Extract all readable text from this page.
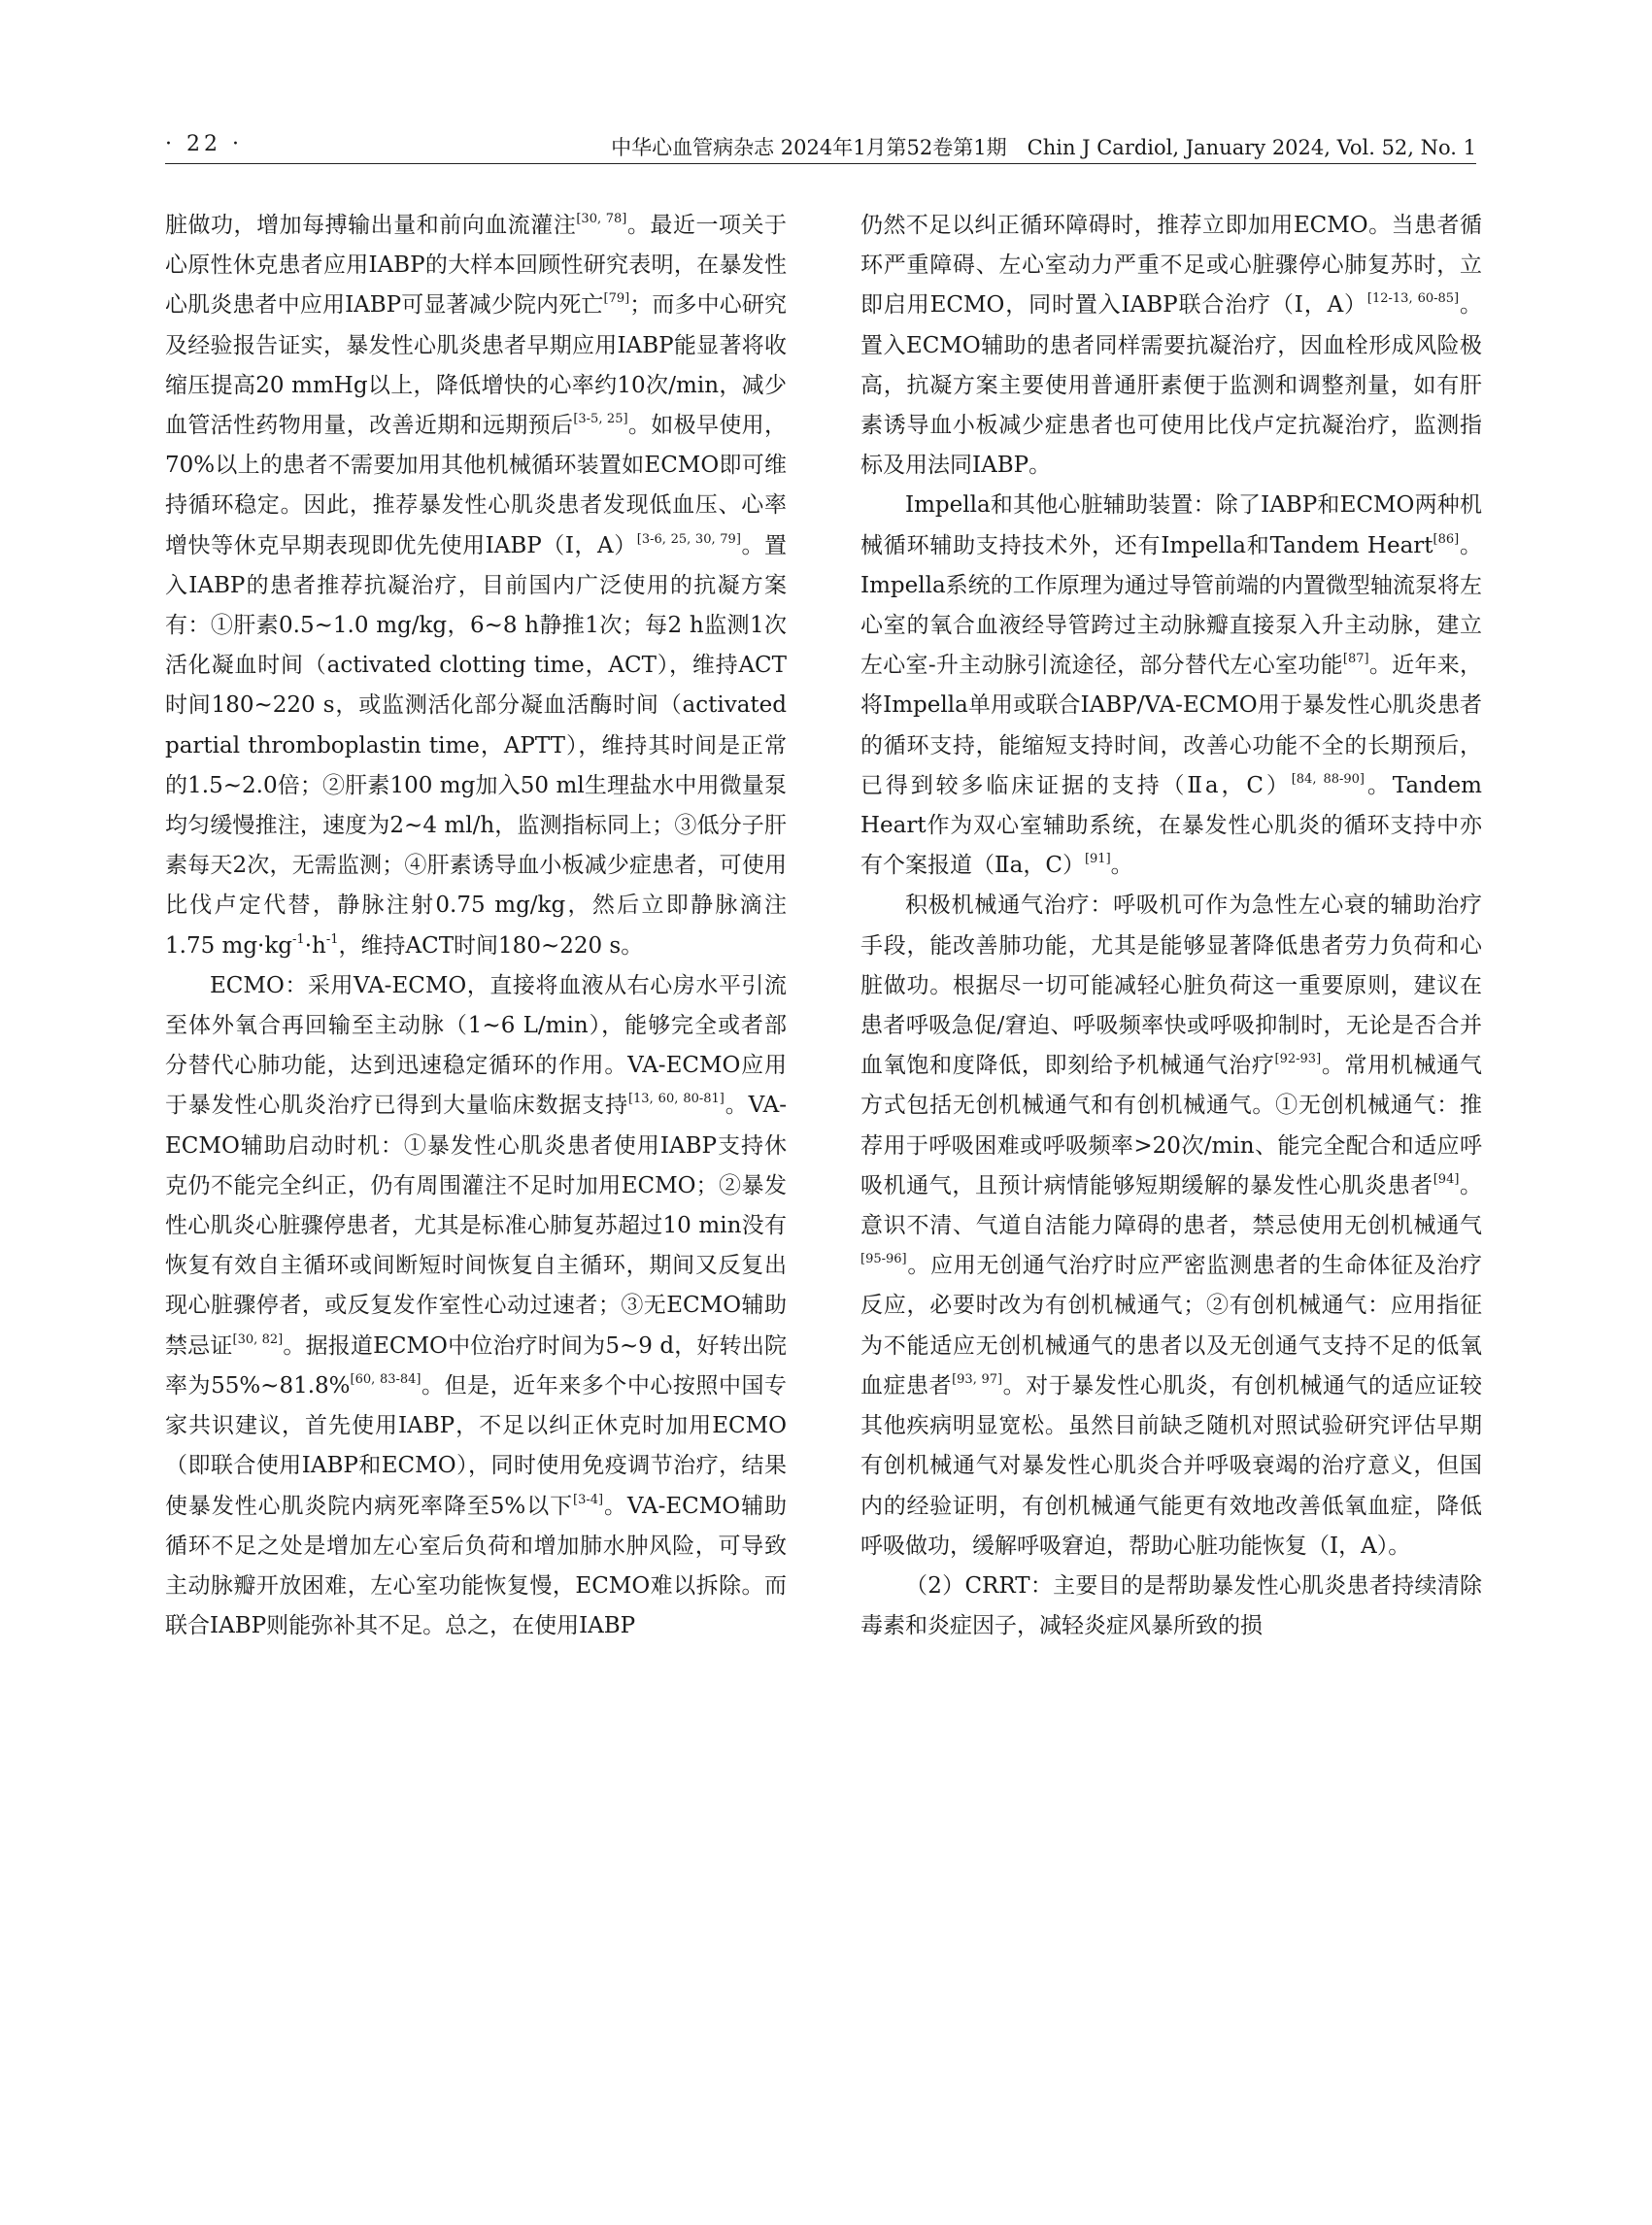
· 22 ·	中华心血管病杂志 2024年1月第52卷第1期　Chin J Cardiol, January 2024, Vol. 52, No. 1

脏做功，增加每搏输出量和前向血流灌注[30, 78]。最近一项关于心原性休克患者应用IABP的大样本回顾性研究表明，在暴发性心肌炎患者中应用IABP可显著减少院内死亡[79]；而多中心研究及经验报告证实，暴发性心肌炎患者早期应用IABP能显著将收缩压提高20 mmHg以上，降低增快的心率约10次/min，减少血管活性药物用量，改善近期和远期预后[3-5, 25]。如极早使用，70%以上的患者不需要加用其他机械循环装置如ECMO即可维持循环稳定。因此，推荐暴发性心肌炎患者发现低血压、心率增快等休克早期表现即优先使用IABP（Ⅰ，A）[3-6, 25, 30, 79]。置入IABP的患者推荐抗凝治疗，目前国内广泛使用的抗凝方案有：①肝素0.5~1.0 mg/kg，6~8 h静推1次；每2 h监测1次活化凝血时间（activated clotting time，ACT），维持ACT时间180~220 s，或监测活化部分凝血活酶时间（activated partial thromboplastin time，APTT），维持其时间是正常的1.5~2.0倍；②肝素100 mg加入50 ml生理盐水中用微量泵均匀缓慢推注，速度为2~4 ml/h，监测指标同上；③低分子肝素每天2次，无需监测；④肝素诱导血小板减少症患者，可使用比伐卢定代替，静脉注射0.75 mg/kg，然后立即静脉滴注1.75 $mg\cdot kg^{-1}\cdot h^{-1}$，维持ACT时间180~220 s。

ECMO：采用VA-ECMO，直接将血液从右心房水平引流至体外氧合再回输至主动脉（1~6 L/min），能够完全或者部分替代心肺功能，达到迅速稳定循环的作用。VA-ECMO应用于暴发性心肌炎治疗已得到大量临床数据支持[13, 60, 80-81]。VA-ECMO辅助启动时机：①暴发性心肌炎患者使用IABP支持休克仍不能完全纠正，仍有周围灌注不足时加用ECMO；②暴发性心肌炎心脏骤停患者，尤其是标准心肺复苏超过10 min没有恢复有效自主循环或间断短时间恢复自主循环，期间又反复出现心脏骤停者，或反复发作室性心动过速者；③无ECMO辅助禁忌证[30, 82]。据报道ECMO中位治疗时间为5~9 d，好转出院率为55%~81.8%[60, 83-84]。但是，近年来多个中心按照中国专家共识建议，首先使用IABP，不足以纠正休克时加用ECMO（即联合使用IABP和ECMO），同时使用免疫调节治疗，结果使暴发性心肌炎院内病死率降至5%以下[3-4]。VA-ECMO辅助循环不足之处是增加左心室后负荷和增加肺水肿风险，可导致主动脉瓣开放困难，左心室功能恢复慢，ECMO难以拆除。而联合IABP则能弥补其不足。总之，在使用IABP

仍然不足以纠正循环障碍时，推荐立即加用ECMO。当患者循环严重障碍、左心室动力严重不足或心脏骤停心肺复苏时，立即启用ECMO，同时置入IABP联合治疗（Ⅰ，A）[12-13, 60-85]。置入ECMO辅助的患者同样需要抗凝治疗，因血栓形成风险极高，抗凝方案主要使用普通肝素便于监测和调整剂量，如有肝素诱导血小板减少症患者也可使用比伐卢定抗凝治疗，监测指标及用法同IABP。

Impella和其他心脏辅助装置：除了IABP和ECMO两种机械循环辅助支持技术外，还有Impella和Tandem Heart[86]。Impella系统的工作原理为通过导管前端的内置微型轴流泵将左心室的氧合血液经导管跨过主动脉瓣直接泵入升主动脉，建立左心室-升主动脉引流途径，部分替代左心室功能[87]。近年来，将Impella单用或联合IABP/VA-ECMO用于暴发性心肌炎患者的循环支持，能缩短支持时间，改善心功能不全的长期预后，已得到较多临床证据的支持（Ⅱa，C）[84, 88-90]。Tandem Heart作为双心室辅助系统，在暴发性心肌炎的循环支持中亦有个案报道（Ⅱa，C）[91]。

积极机械通气治疗：呼吸机可作为急性左心衰的辅助治疗手段，能改善肺功能，尤其是能够显著降低患者劳力负荷和心脏做功。根据尽一切可能减轻心脏负荷这一重要原则，建议在患者呼吸急促/窘迫、呼吸频率快或呼吸抑制时，无论是否合并血氧饱和度降低，即刻给予机械通气治疗[92-93]。常用机械通气方式包括无创机械通气和有创机械通气。①无创机械通气：推荐用于呼吸困难或呼吸频率>20次/min、能完全配合和适应呼吸机通气，且预计病情能够短期缓解的暴发性心肌炎患者[94]。意识不清、气道自洁能力障碍的患者，禁忌使用无创机械通气[95-96]。应用无创通气治疗时应严密监测患者的生命体征及治疗反应，必要时改为有创机械通气；②有创机械通气：应用指征为不能适应无创机械通气的患者以及无创通气支持不足的低氧血症患者[93, 97]。对于暴发性心肌炎，有创机械通气的适应证较其他疾病明显宽松。虽然目前缺乏随机对照试验研究评估早期有创机械通气对暴发性心肌炎合并呼吸衰竭的治疗意义，但国内的经验证明，有创机械通气能更有效地改善低氧血症，降低呼吸做功，缓解呼吸窘迫，帮助心脏功能恢复（Ⅰ，A）。

（2）CRRT：主要目的是帮助暴发性心肌炎患者持续清除毒素和炎症因子，减轻炎症风暴所致的损
